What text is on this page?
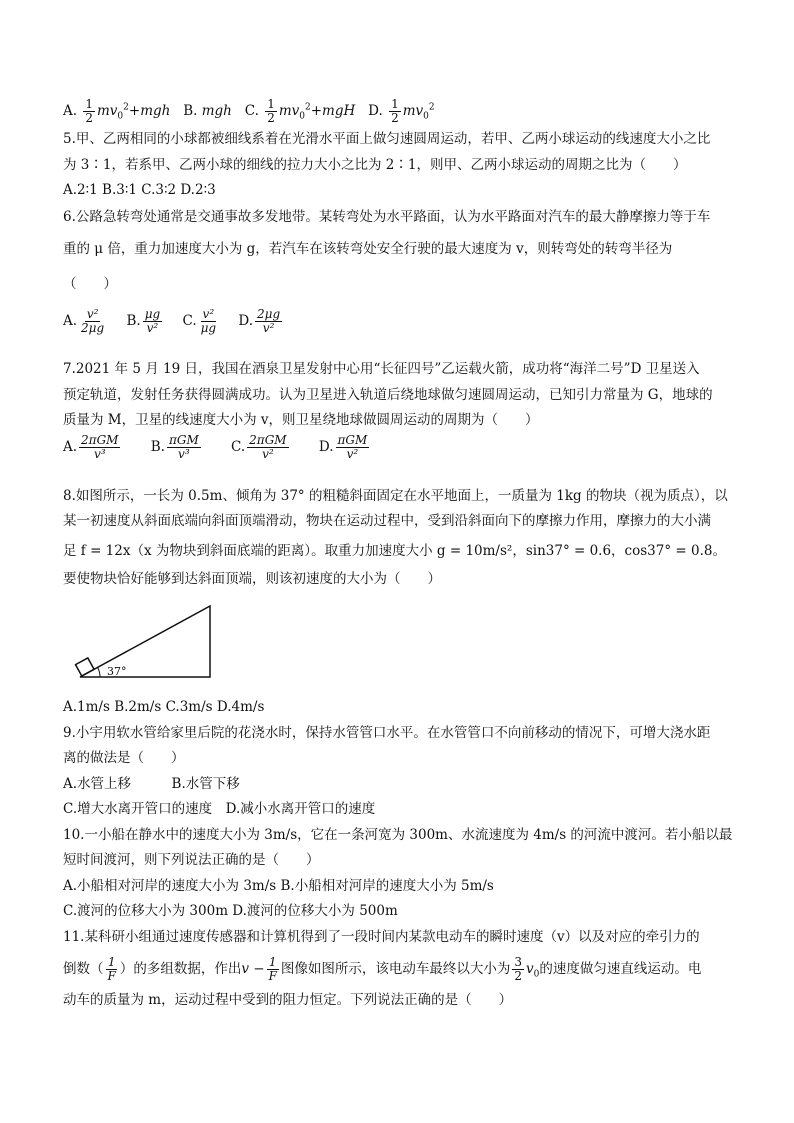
A. $\frac{1}{2} mv_0^2+mgh$ B. mgh C. $\frac{1}{2} mv_0^2+mgH$ D. $\frac{1}{2} mv_0^2$
5.甲、乙两相同的小球都被细线系着在光滑水平面上做匀速圆周运动，若甲、乙两小球运动的线速度大小之比
为 3∶1，若系甲、乙两小球的细线的拉力大小之比为 2∶1，则甲、乙两小球运动的周期之比为（　　）
A.2∶1 B.3∶1 C.3∶2 D.2∶3
6.公路急转弯处通常是交通事故多发地带。某转弯处为水平路面，认为水平路面对汽车的最大静摩擦力等于车
重的 μ 倍，重力加速度大小为 g，若汽车在该转弯处安全行驶的最大速度为 v，则转弯处的转弯半径为
（　　）
A. $\frac{\text{v²}}{2\mu g} B$. $\frac{\mu g}{\text{v²}} C$. $\frac{\text{v²}}{\mu g} D$. $\frac{2\mu g}{\text{v²}}$
7.2021 年 5 月 19 日，我国在酒泉卫星发射中心用“长征四号”乙运载火箭，成功将“海洋二号”D 卫星送入
预定轨道，发射任务获得圆满成功。认为卫星进入轨道后绕地球做匀速圆周运动，已知引力常量为 G，地球的
质量为 M，卫星的线速度大小为 v，则卫星绕地球做圆周运动的周期为（　　）
A. $\frac{\text{2πGM}}{\text{v³}} B$. $\frac{\text{πGM}}{\text{v³}} C$. $\frac{\text{2πGM}}{\text{v²}} D$. $\frac{\text{πGM}}{\text{v²}}$
8.如图所示，一长为 0.5m、倾角为 37° 的粗糙斜面固定在水平地面上，一质量为 1kg 的物块（视为质点），以
某一初速度从斜面底端向斜面顶端滑动，物块在运动过程中，受到沿斜面向下的摩擦力作用，摩擦力的大小满
足 f = 12x（x 为物块到斜面底端的距离）。取重力加速度大小 g = 10m/s²，sin37° = 0.6，cos37° = 0.8。
要使物块恰好能够到达斜面顶端，则该初速度的大小为（　　）
37°
A.1m/s B.2m/s C.3m/s D.4m/s
9.小宇用软水管给家里后院的花浇水时，保持水管管口水平。在水管管口不向前移动的情况下，可增大浇水距
离的做法是（　　）
A.水管上移　　　B.水管下移
C.增大水离开管口的速度　D.减小水离开管口的速度
10.一小船在静水中的速度大小为 3m/s，它在一条河宽为 300m、水流速度为 4m/s 的河流中渡河。若小船以最
短时间渡河，则下列说法正确的是（　　）
A.小船相对河岸的速度大小为 3m/s B.小船相对河岸的速度大小为 5m/s
C.渡河的位移大小为 300m D.渡河的位移大小为 500m
11.某科研小组通过速度传感器和计算机得到了一段时间内某款电动车的瞬时速度（v）以及对应的牵引力的
倒数（ $\frac{1}{F}$ ）的多组数据，作出$v - \frac{1}{F}$ 图像如图所示，该电动车最终以大小为 $\frac{3}{2} v_0$的速度做匀速直线运动。电
动车的质量为 m，运动过程中受到的阻力恒定。下列说法正确的是（　　）
